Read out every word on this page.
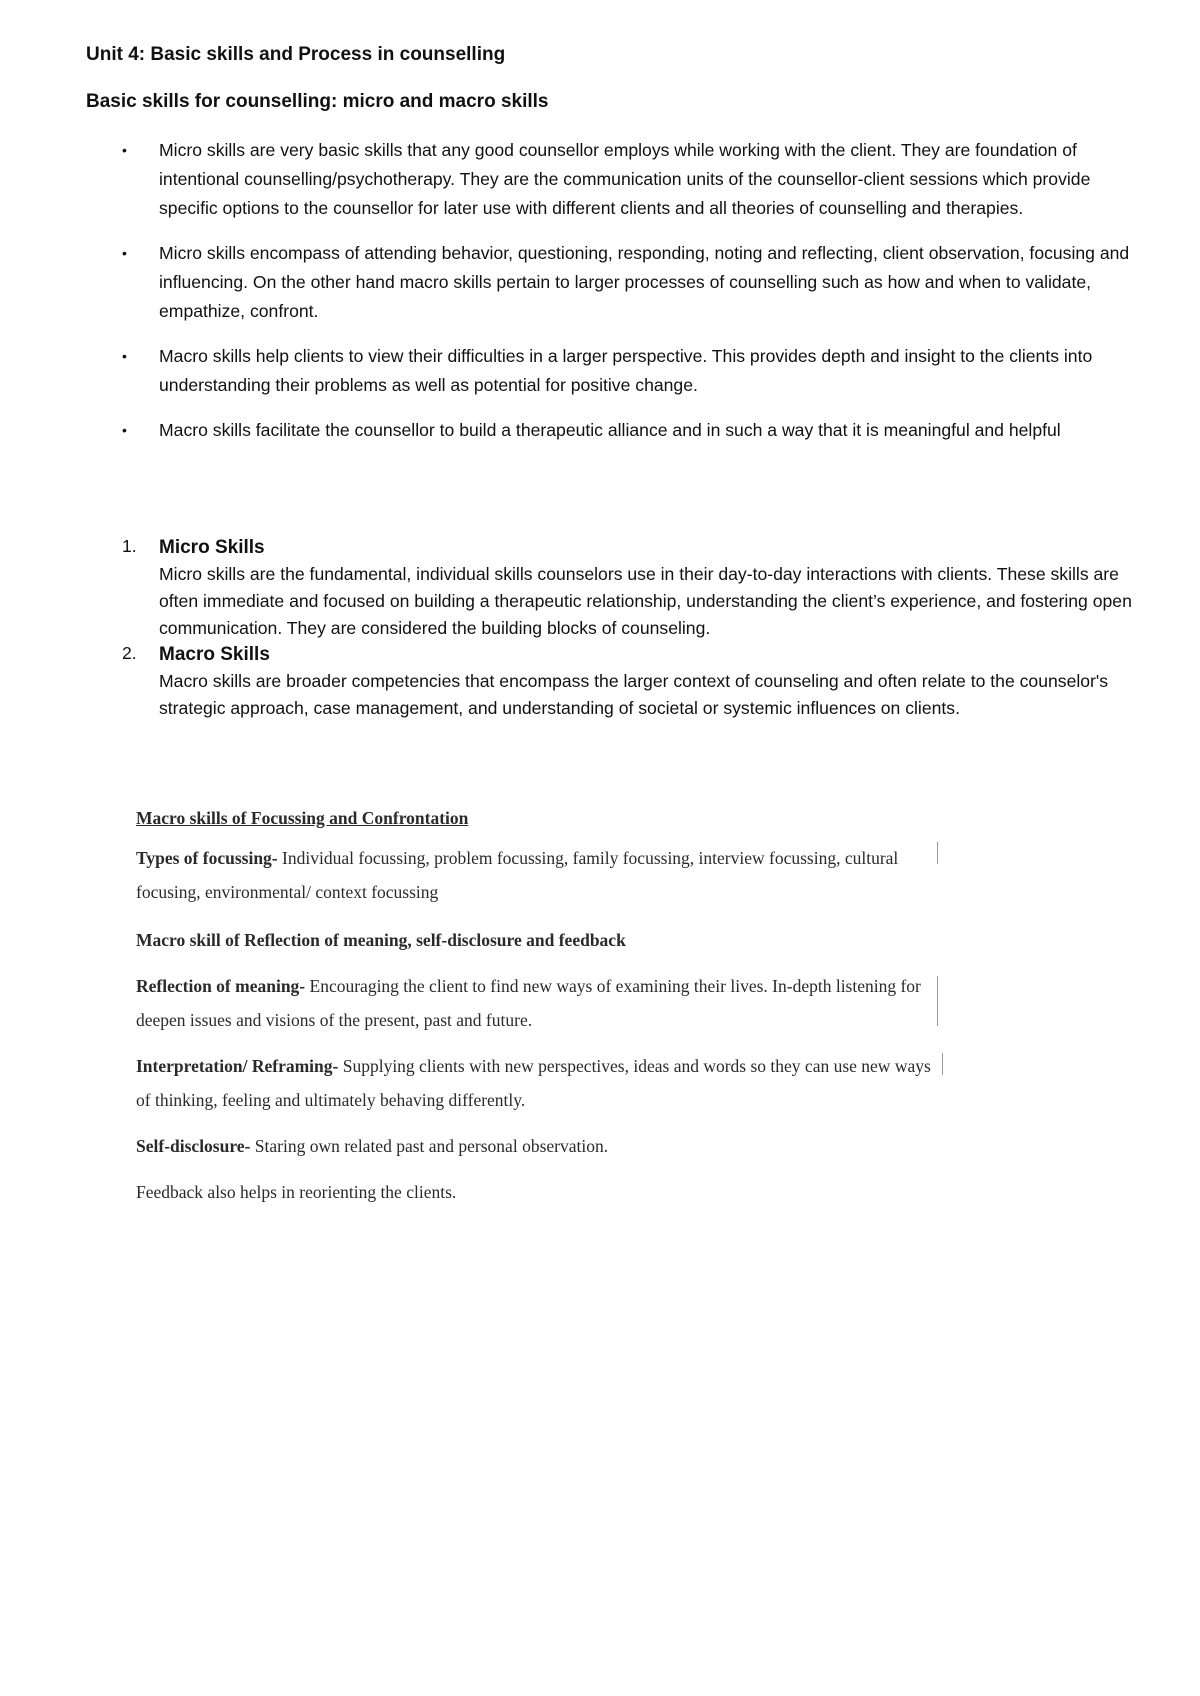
Unit 4: Basic skills and Process in counselling
Basic skills for counselling: micro and macro skills
• Micro skills are very basic skills that any good counsellor employs while working with the client. They are foundation of intentional counselling/psychotherapy. They are the communication units of the counsellor-client sessions which provide specific options to the counsellor for later use with different clients and all theories of counselling and therapies.
• Micro skills encompass of attending behavior, questioning, responding, noting and reflecting, client observation, focusing and influencing. On the other hand macro skills pertain to larger processes of counselling such as how and when to validate, empathize, confront.
• Macro skills help clients to view their difficulties in a larger perspective. This provides depth and insight to the clients into understanding their problems as well as potential for positive change.
• Macro skills facilitate the counsellor to build a therapeutic alliance and in such a way that it is meaningful and helpful
1. Micro Skills
Micro skills are the fundamental, individual skills counselors use in their day-to-day interactions with clients. These skills are often immediate and focused on building a therapeutic relationship, understanding the client’s experience, and fostering open communication. They are considered the building blocks of counseling.
2. Macro Skills
Macro skills are broader competencies that encompass the larger context of counseling and often relate to the counselor's strategic approach, case management, and understanding of societal or systemic influences on clients.
Macro skills of Focussing and Confrontation

Types of focussing- Individual focussing, problem focussing, family focussing, interview focussing, cultural focusing, environmental/ context focussing

Macro skill of Reflection of meaning, self-disclosure and feedback

Reflection of meaning- Encouraging the client to find new ways of examining their lives. In-depth listening for deepen issues and visions of the present, past and future.

Interpretation/ Reframing- Supplying clients with new perspectives, ideas and words so they can use new ways of thinking, feeling and ultimately behaving differently.

Self-disclosure- Staring own related past and personal observation.

Feedback also helps in reorienting the clients.
